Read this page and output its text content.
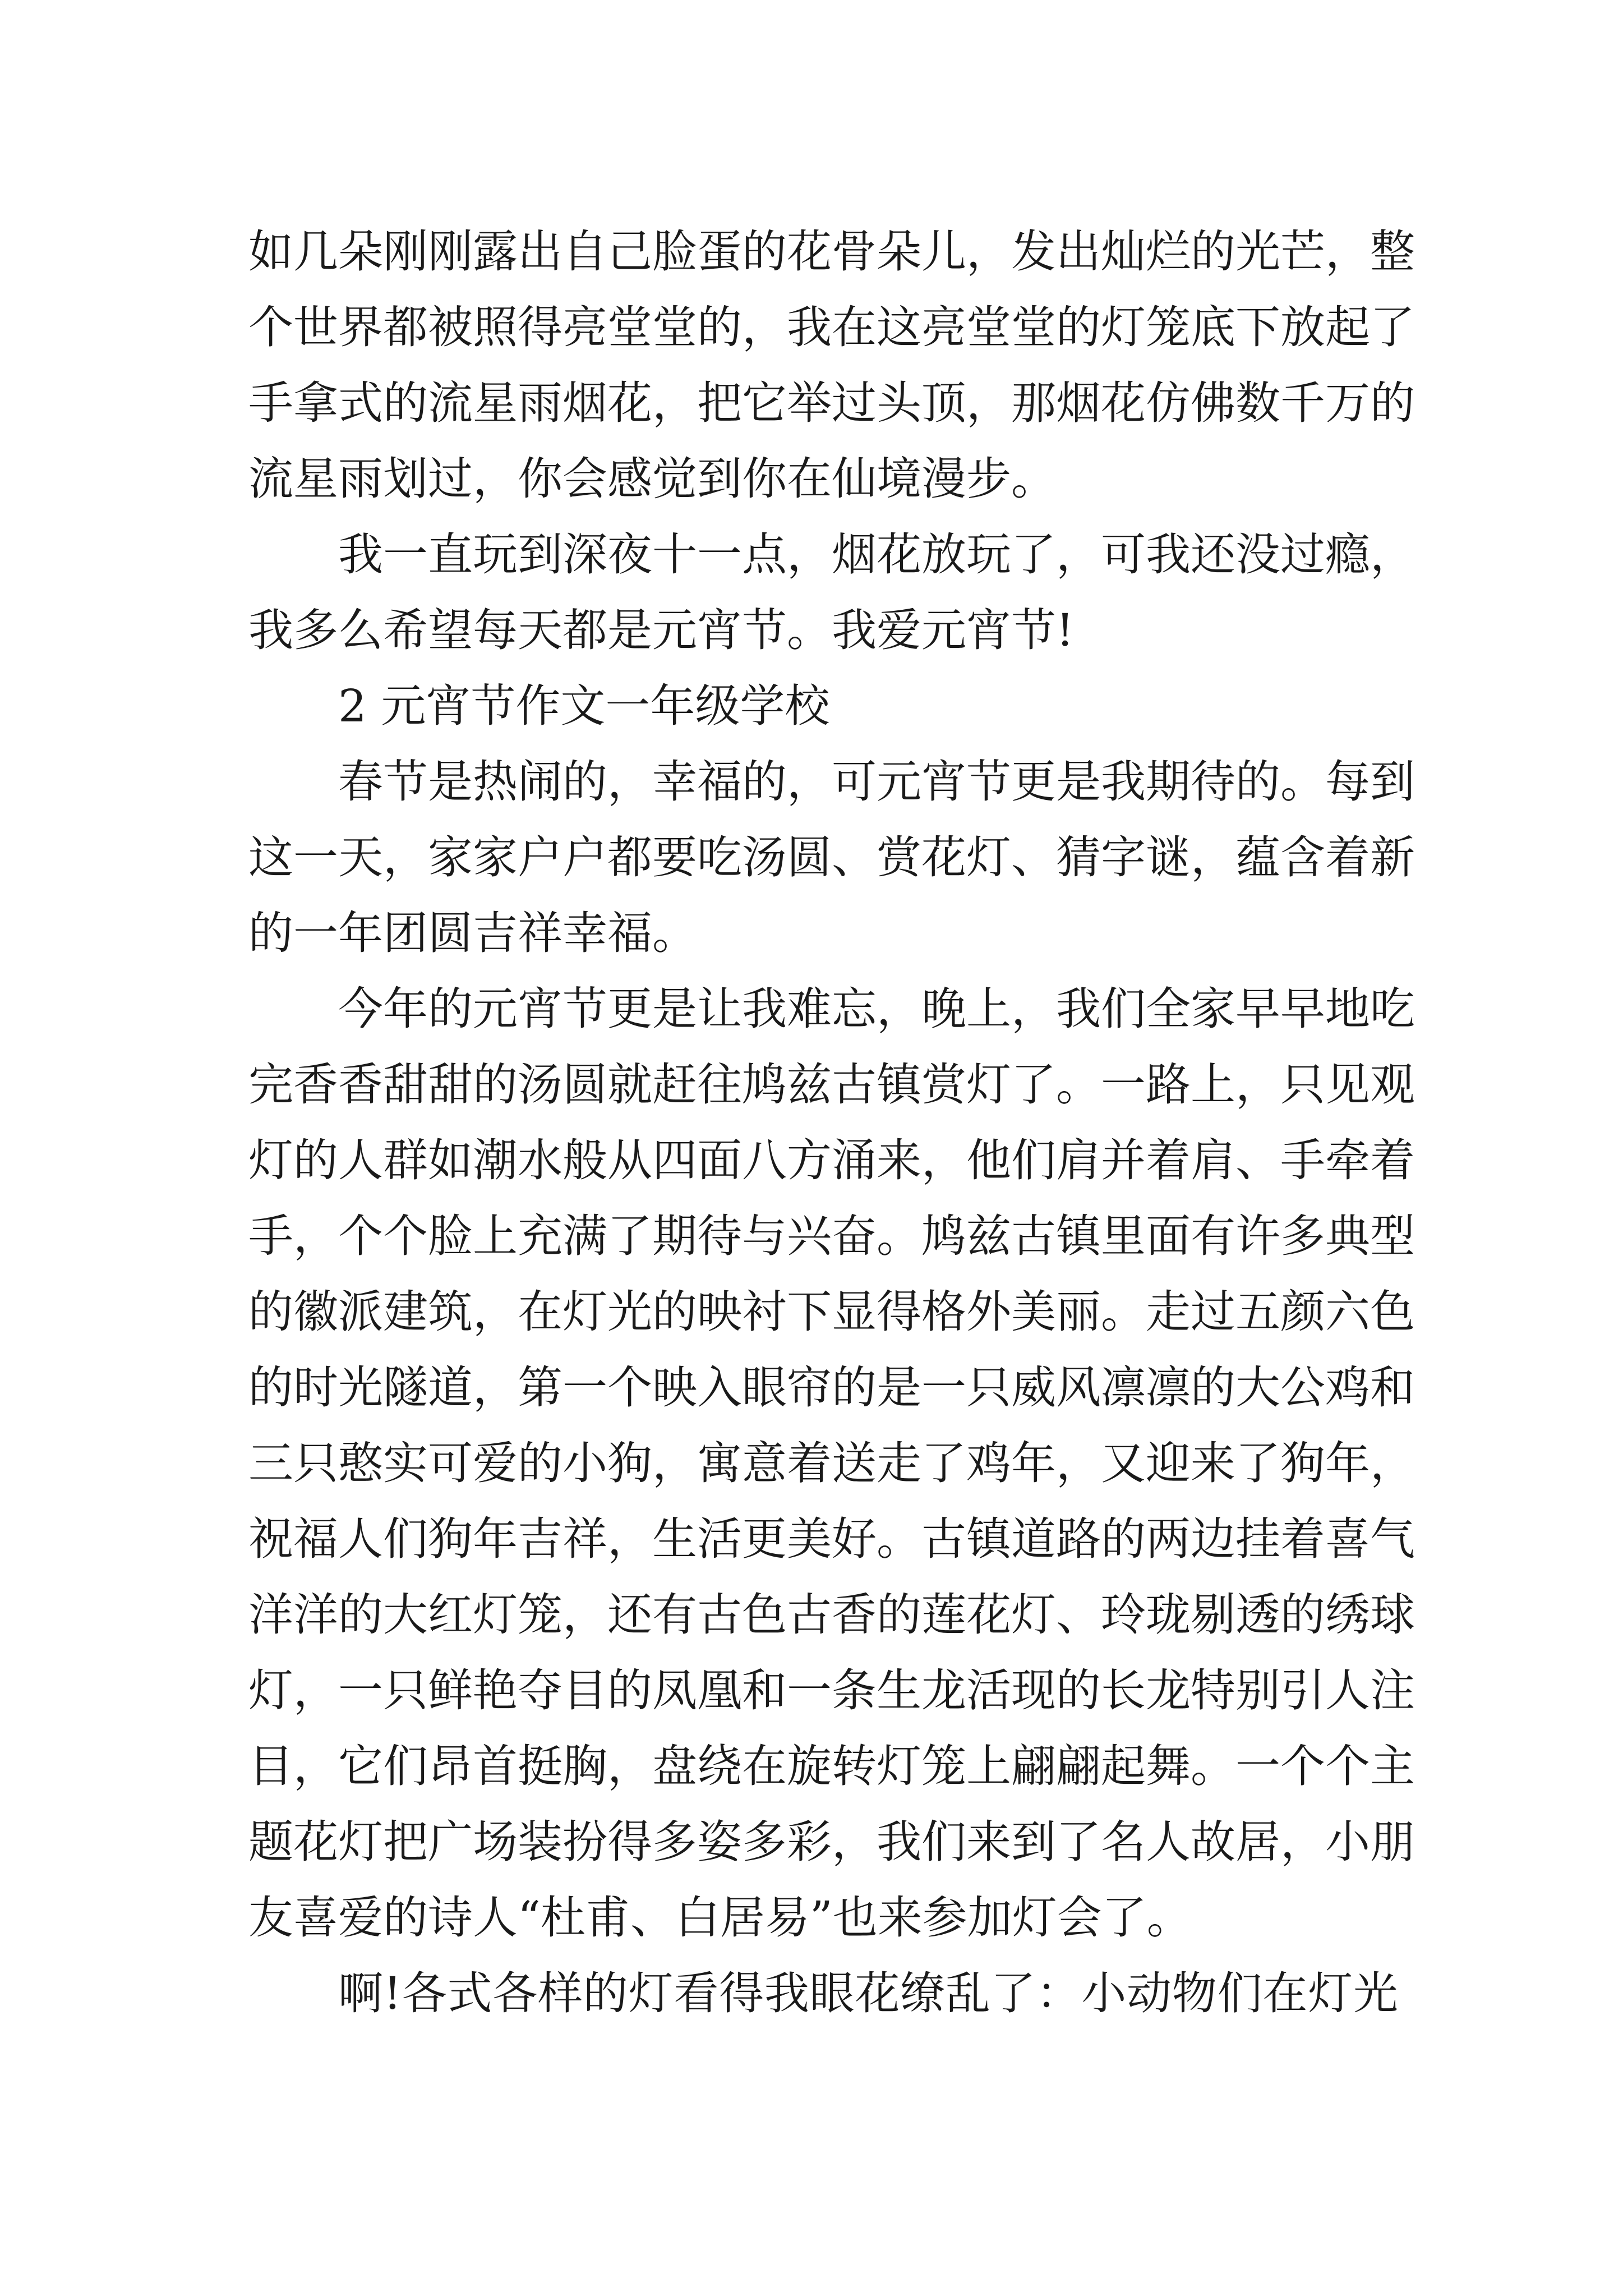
如几朵刚刚露出自己脸蛋的花骨朵儿，发出灿烂的光芒，整
个世界都被照得亮堂堂的，我在这亮堂堂的灯笼底下放起了
手拿式的流星雨烟花，把它举过头顶，那烟花仿佛数千万的
流星雨划过，你会感觉到你在仙境漫步。
我一直玩到深夜十一点，烟花放玩了，可我还没过瘾，
我多么希望每天都是元宵节。我爱元宵节!
2 元宵节作文一年级学校
春节是热闹的，幸福的，可元宵节更是我期待的。每到
这一天，家家户户都要吃汤圆、赏花灯、猜字谜，蕴含着新
的一年团圆吉祥幸福。
今年的元宵节更是让我难忘，晚上，我们全家早早地吃
完香香甜甜的汤圆就赶往鸠兹古镇赏灯了。一路上，只见观
灯的人群如潮水般从四面八方涌来，他们肩并着肩、手牵着
手，个个脸上充满了期待与兴奋。鸠兹古镇里面有许多典型
的徽派建筑，在灯光的映衬下显得格外美丽。走过五颜六色
的时光隧道，第一个映入眼帘的是一只威风凛凛的大公鸡和
三只憨实可爱的小狗，寓意着送走了鸡年，又迎来了狗年，
祝福人们狗年吉祥，生活更美好。古镇道路的两边挂着喜气
洋洋的大红灯笼，还有古色古香的莲花灯、玲珑剔透的绣球
灯，一只鲜艳夺目的凤凰和一条生龙活现的长龙特别引人注
目，它们昂首挺胸，盘绕在旋转灯笼上翩翩起舞。一个个主
题花灯把广场装扮得多姿多彩，我们来到了名人故居，小朋
友喜爱的诗人“杜甫、白居易”也来参加灯会了。
啊!各式各样的灯看得我眼花缭乱了：小动物们在灯光
